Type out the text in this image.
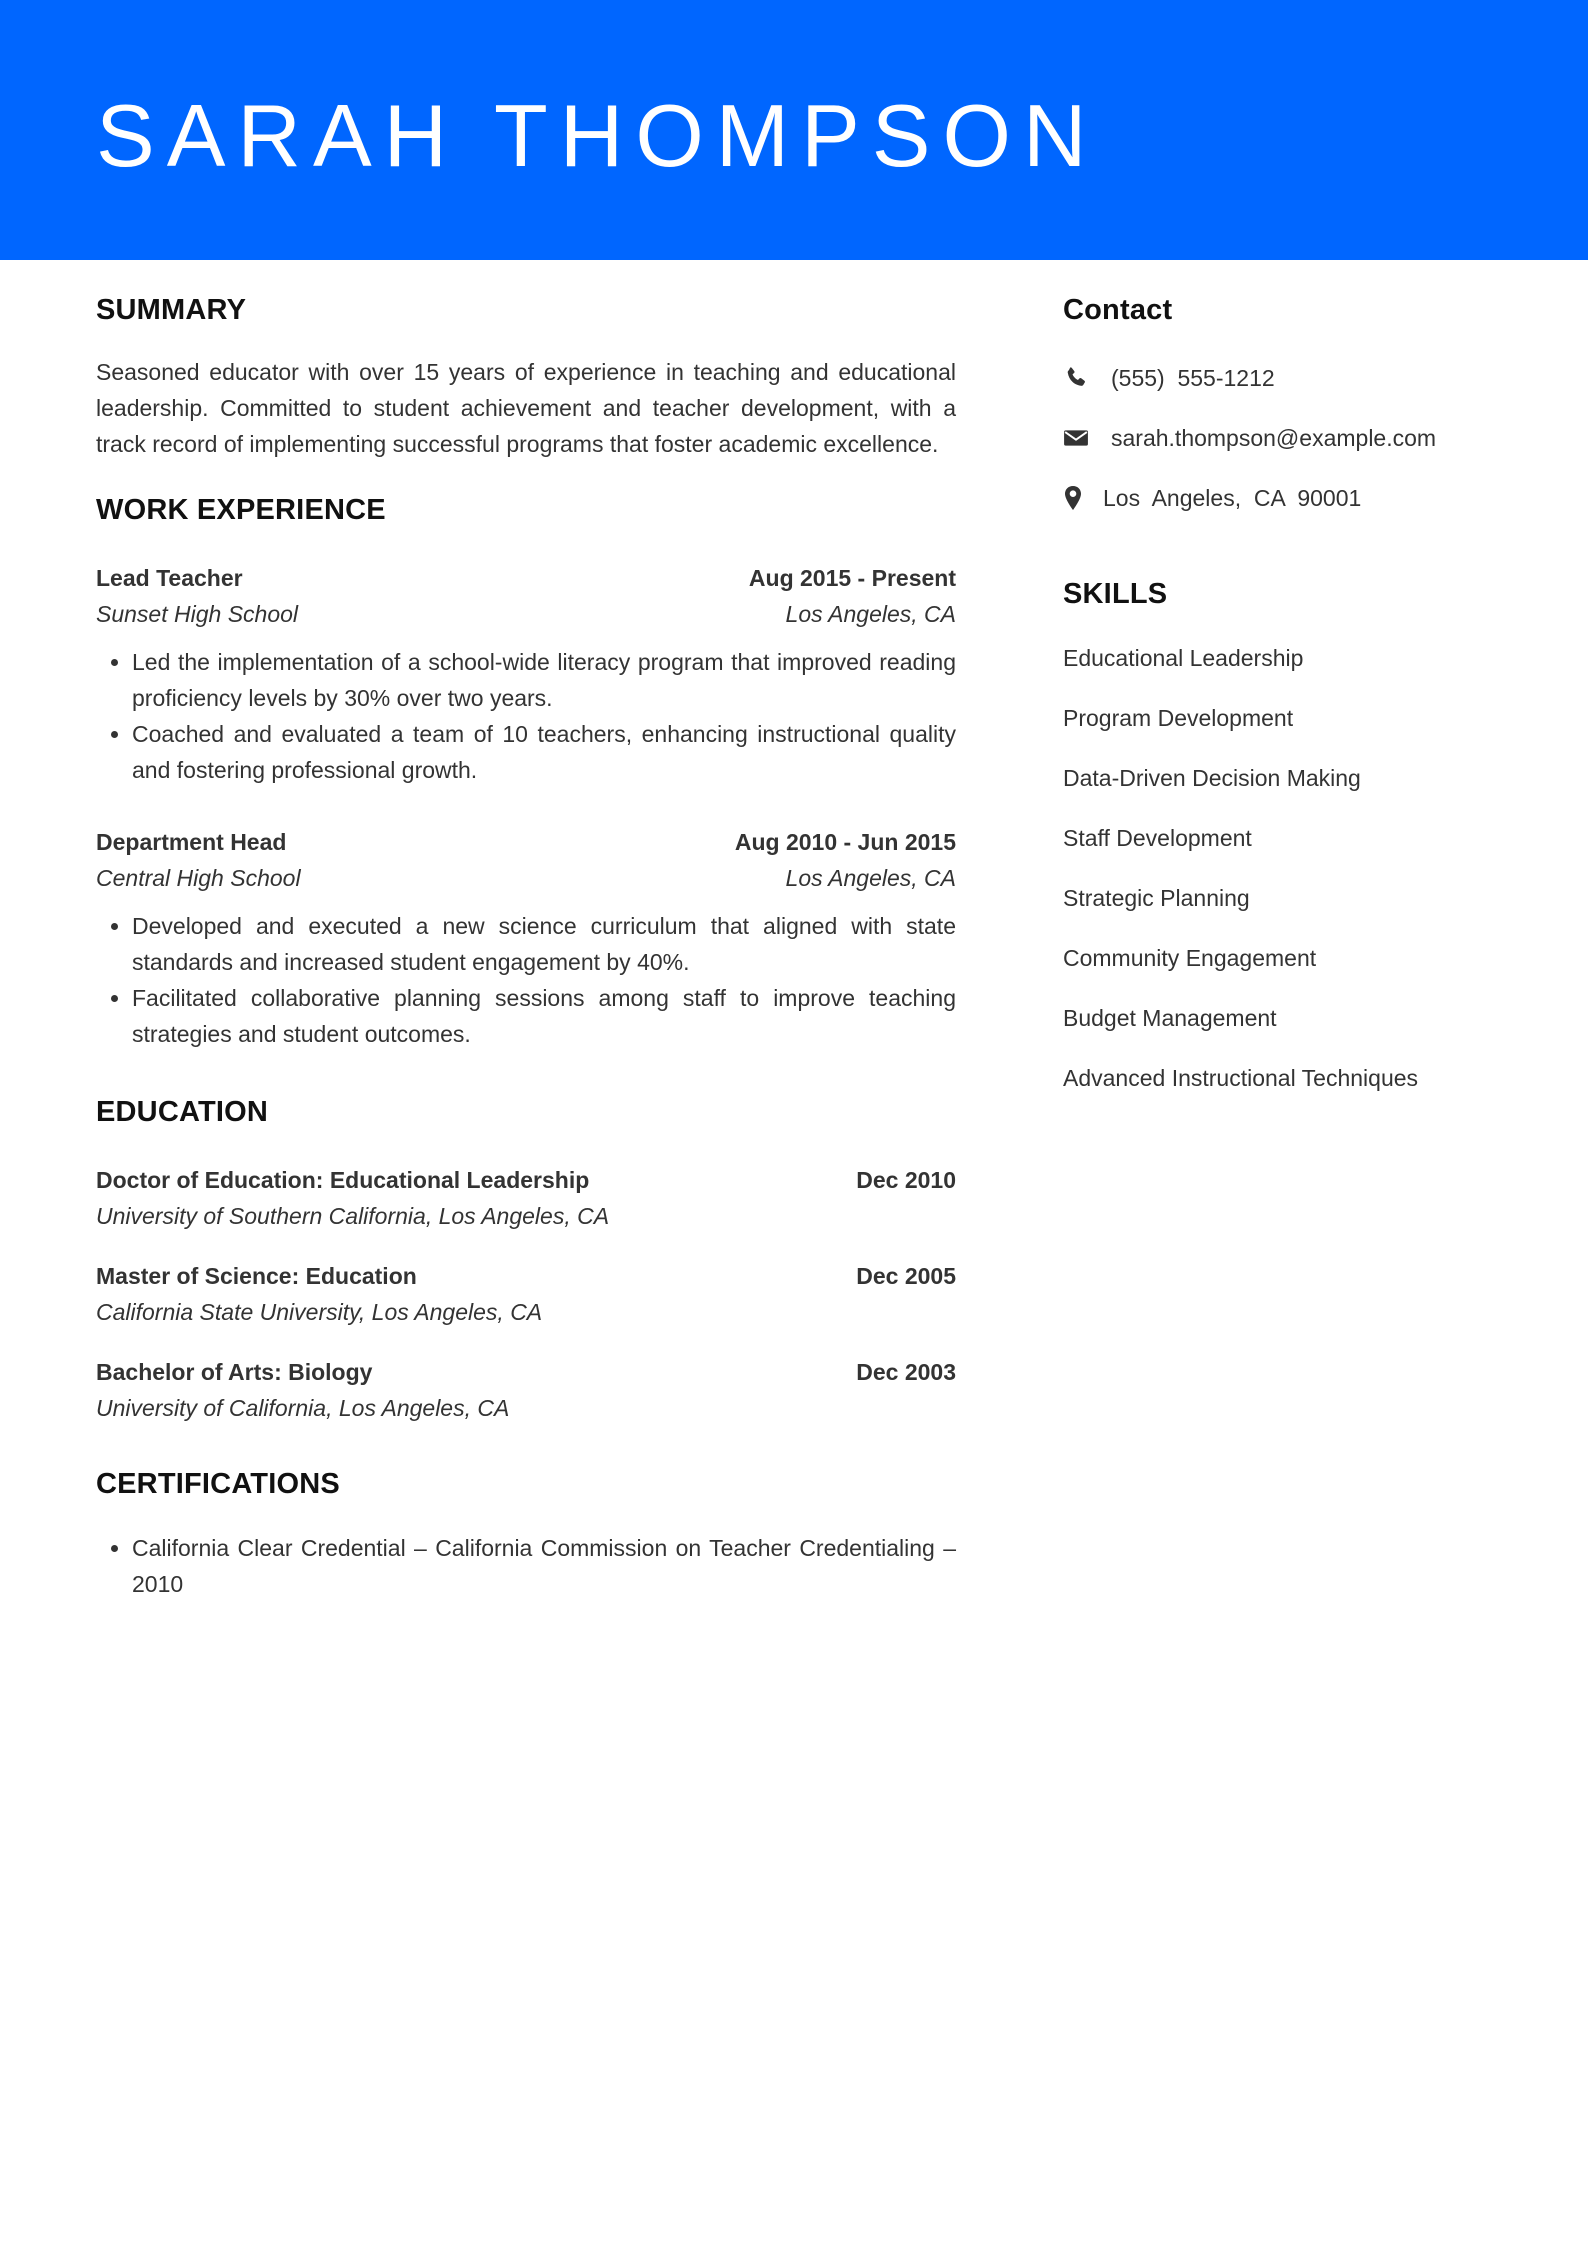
SARAH THOMPSON
SUMMARY

Seasoned educator with over 15 years of experience in teaching and educational leadership. Committed to student achievement and teacher development, with a track record of implementing successful programs that foster academic excellence.

WORK EXPERIENCE
Lead Teacher	Aug 2015 - Present
Sunset High School	Los Angeles, CA
• Led the implementation of a school-wide literacy program that improved reading proficiency levels by 30% over two years.
• Coached and evaluated a team of 10 teachers, enhancing instructional quality and fostering professional growth.
Department Head	Aug 2010 - Jun 2015
Central High School	Los Angeles, CA
• Developed and executed a new science curriculum that aligned with state standards and increased student engagement by 40%.
• Facilitated collaborative planning sessions among staff to improve teaching strategies and student outcomes.
EDUCATION
Doctor of Education: Educational Leadership	Dec 2010
University of Southern California, Los Angeles, CA
Master of Science: Education	Dec 2005
California State University, Los Angeles, CA
Bachelor of Arts: Biology	Dec 2003
University of California, Los Angeles, CA
CERTIFICATIONS
• California Clear Credential – California Commission on Teacher Credentialing – 2010
Contact
(555)  555-1212
sarah.thompson@example.com
Los  Angeles,  CA  90001
SKILLS
Educational Leadership
Program Development
Data-Driven Decision Making
Staff Development
Strategic Planning
Community Engagement
Budget Management
Advanced Instructional Techniques
